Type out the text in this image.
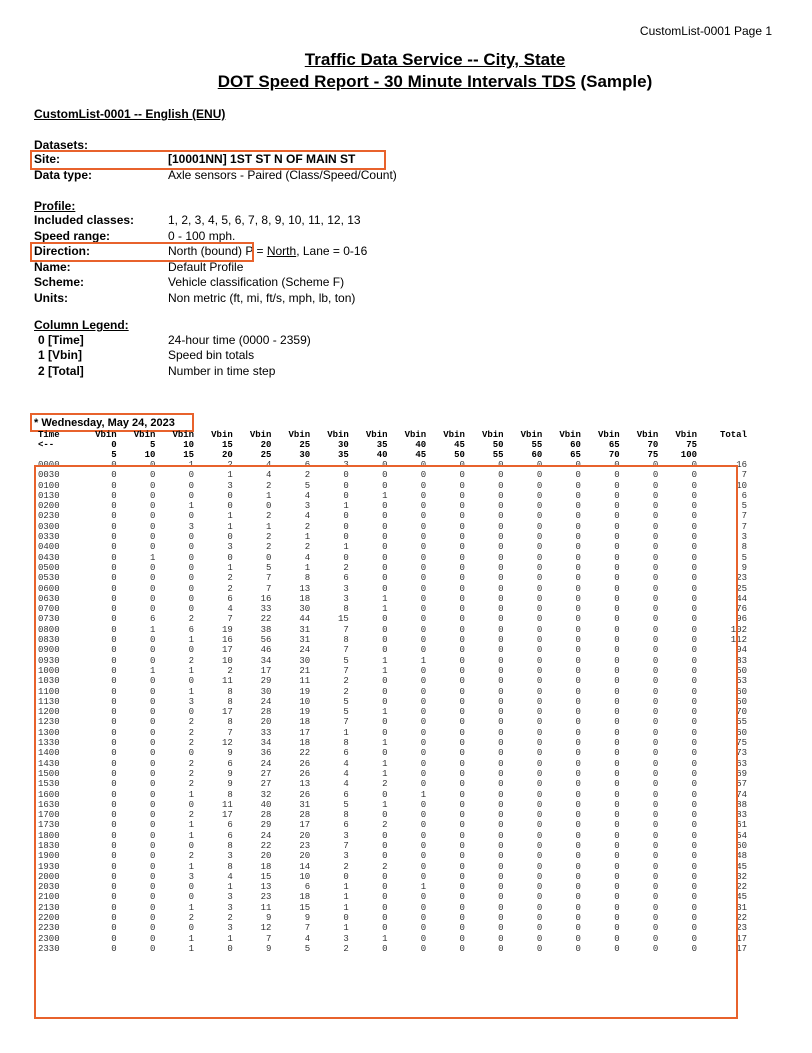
CustomList-0001 Page 1
Traffic Data Service -- City, State
DOT Speed Report - 30 Minute Intervals TDS (Sample)
CustomList-0001 -- English (ENU)
Datasets:
Site:	[10001NN] 1ST ST N OF MAIN ST
Data type:	Axle sensors - Paired (Class/Speed/Count)
Profile:
Included classes:	1, 2, 3, 4, 5, 6, 7, 8, 9, 10, 11, 12, 13
Speed range:	0 - 100 mph.
Direction:	North (bound) P = North, Lane = 0-16
Name:	Default Profile
Scheme:	Vehicle classification (Scheme F)
Units:	Non metric (ft, mi, ft/s, mph, lb, ton)
Column Legend:
0 [Time]	24-hour time (0000 - 2359)
1 [Vbin]	Speed bin totals
2 [Total]	Number in time step
* Wednesday, May 24, 2023
Time	Vbin	Vbin	Vbin	Vbin	Vbin	Vbin	Vbin	Vbin	Vbin	Vbin	Vbin	Vbin	Vbin	Vbin	Vbin	Vbin	Total
<--	0	5	10	15	20	25	30	35	40	45	50	55	60	65	70	75	
	5	10	15	20	25	30	35	40	45	50	55	60	65	70	75	100	
0000	0	0	1	2	4	6	3	0	0	0	0	0	0	0	0	0	16
0030	0	0	0	1	4	2	0	0	0	0	0	0	0	0	0	0	7
0100	0	0	0	3	2	5	0	0	0	0	0	0	0	0	0	0	10
0130	0	0	0	0	1	4	0	1	0	0	0	0	0	0	0	0	6
0200	0	0	1	0	0	3	1	0	0	0	0	0	0	0	0	0	5
0230	0	0	0	1	2	4	0	0	0	0	0	0	0	0	0	0	7
0300	0	0	3	1	1	2	0	0	0	0	0	0	0	0	0	0	7
0330	0	0	0	0	2	1	0	0	0	0	0	0	0	0	0	0	3
0400	0	0	0	3	2	2	1	0	0	0	0	0	0	0	0	0	8
0430	0	1	0	0	0	4	0	0	0	0	0	0	0	0	0	0	5
0500	0	0	0	1	5	1	2	0	0	0	0	0	0	0	0	0	9
0530	0	0	0	2	7	8	6	0	0	0	0	0	0	0	0	0	23
0600	0	0	0	2	7	13	3	0	0	0	0	0	0	0	0	0	25
0630	0	0	0	6	16	18	3	1	0	0	0	0	0	0	0	0	44
0700	0	0	0	4	33	30	8	1	0	0	0	0	0	0	0	0	76
0730	0	6	2	7	22	44	15	0	0	0	0	0	0	0	0	0	96
0800	0	1	6	19	38	31	7	0	0	0	0	0	0	0	0	0	102
0830	0	0	1	16	56	31	8	0	0	0	0	0	0	0	0	0	112
0900	0	0	0	17	46	24	7	0	0	0	0	0	0	0	0	0	94
0930	0	0	2	10	34	30	5	1	1	0	0	0	0	0	0	0	83
1000	0	1	1	2	17	21	7	1	0	0	0	0	0	0	0	0	50
1030	0	0	0	11	29	11	2	0	0	0	0	0	0	0	0	0	53
1100	0	0	1	8	30	19	2	0	0	0	0	0	0	0	0	0	60
1130	0	0	3	8	24	10	5	0	0	0	0	0	0	0	0	0	50
1200	0	0	0	17	28	19	5	1	0	0	0	0	0	0	0	0	70
1230	0	0	2	8	20	18	7	0	0	0	0	0	0	0	0	0	55
1300	0	0	2	7	33	17	1	0	0	0	0	0	0	0	0	0	60
1330	0	0	2	12	34	18	8	1	0	0	0	0	0	0	0	0	75
1400	0	0	0	9	36	22	6	0	0	0	0	0	0	0	0	0	73
1430	0	0	2	6	24	26	4	1	0	0	0	0	0	0	0	0	63
1500	0	0	2	9	27	26	4	1	0	0	0	0	0	0	0	0	69
1530	0	0	2	9	27	13	4	2	0	0	0	0	0	0	0	0	57
1600	0	0	1	8	32	26	6	0	1	0	0	0	0	0	0	0	74
1630	0	0	0	11	40	31	5	1	0	0	0	0	0	0	0	0	88
1700	0	0	2	17	28	28	8	0	0	0	0	0	0	0	0	0	83
1730	0	0	1	6	29	17	6	2	0	0	0	0	0	0	0	0	61
1800	0	0	1	6	24	20	3	0	0	0	0	0	0	0	0	0	54
1830	0	0	0	8	22	23	7	0	0	0	0	0	0	0	0	0	60
1900	0	0	2	3	20	20	3	0	0	0	0	0	0	0	0	0	48
1930	0	0	1	8	18	14	2	2	0	0	0	0	0	0	0	0	45
2000	0	0	3	4	15	10	0	0	0	0	0	0	0	0	0	0	32
2030	0	0	0	1	13	6	1	0	1	0	0	0	0	0	0	0	22
2100	0	0	0	3	23	18	1	0	0	0	0	0	0	0	0	0	45
2130	0	0	1	3	11	15	1	0	0	0	0	0	0	0	0	0	31
2200	0	0	2	2	9	9	0	0	0	0	0	0	0	0	0	0	22
2230	0	0	0	3	12	7	1	0	0	0	0	0	0	0	0	0	23
2300	0	0	1	1	7	4	3	1	0	0	0	0	0	0	0	0	17
2330	0	0	1	0	9	5	2	0	0	0	0	0	0	0	0	0	17
